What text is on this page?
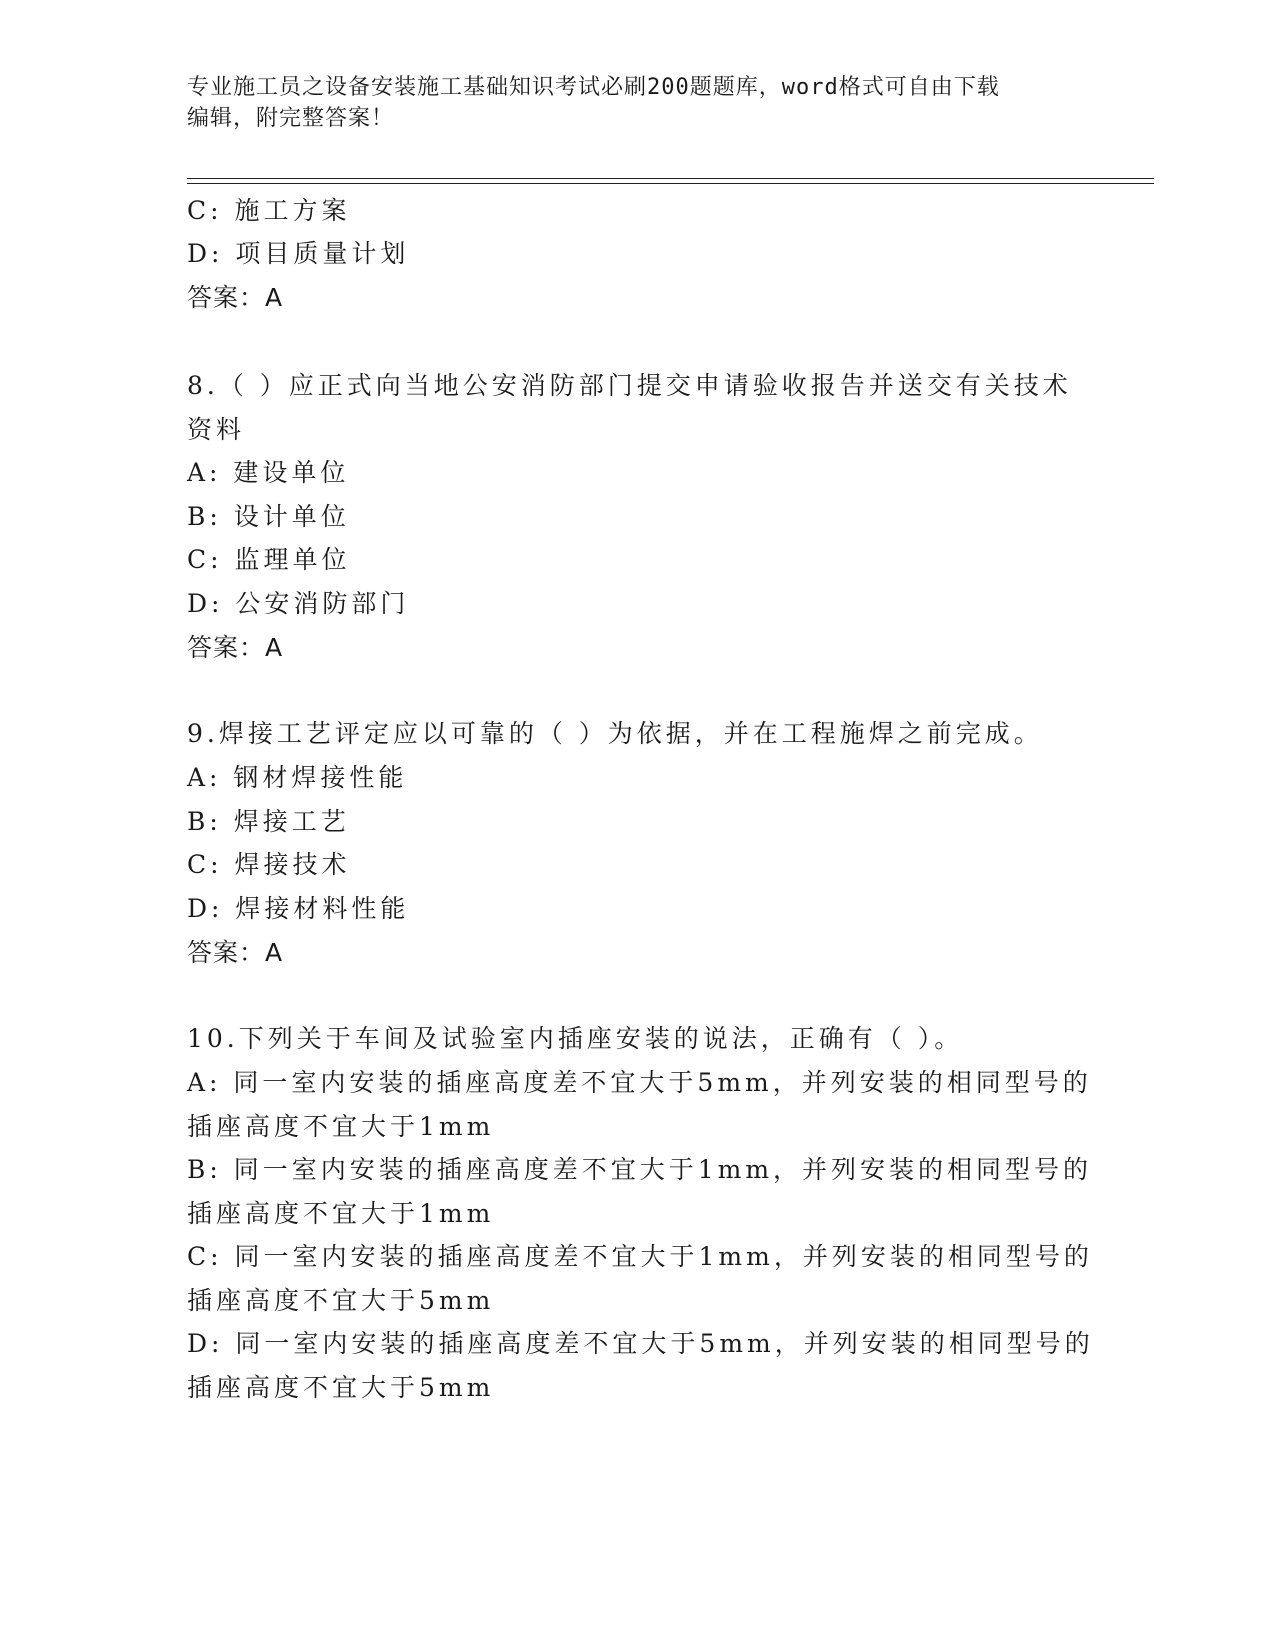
专业施工员之设备安装施工基础知识考试必刷200题题库，word格式可自由下载
编辑，附完整答案！
C: 施工方案
D: 项目质量计划
答案：A
8.（ ）应正式向当地公安消防部门提交申请验收报告并送交有关技术
资料
A: 建设单位
B: 设计单位
C: 监理单位
D: 公安消防部门
答案：A
9.焊接工艺评定应以可靠的（ ）为依据，并在工程施焊之前完成。
A: 钢材焊接性能
B: 焊接工艺
C: 焊接技术
D: 焊接材料性能
答案：A
10.下列关于车间及试验室内插座安装的说法，正确有（ ）。
A: 同一室内安装的插座高度差不宜大于5mm，并列安装的相同型号的
插座高度不宜大于1mm
B: 同一室内安装的插座高度差不宜大于1mm，并列安装的相同型号的
插座高度不宜大于1mm
C: 同一室内安装的插座高度差不宜大于1mm，并列安装的相同型号的
插座高度不宜大于5mm
D: 同一室内安装的插座高度差不宜大于5mm，并列安装的相同型号的
插座高度不宜大于5mm
